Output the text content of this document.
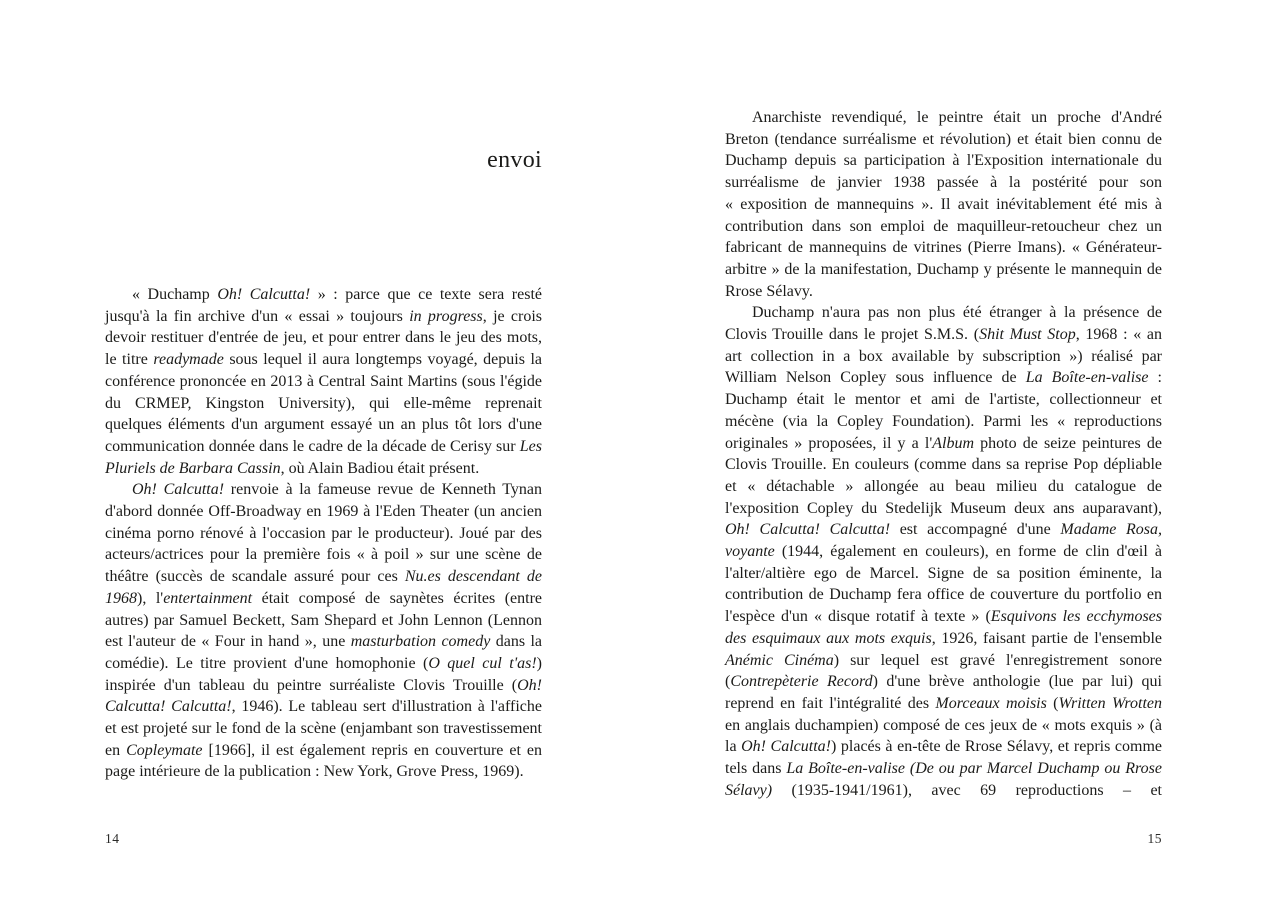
envoi

« Duchamp Oh! Calcutta! » : parce que ce texte sera resté jusqu'à la fin archive d'un « essai » toujours in progress, je crois devoir restituer d'entrée de jeu, et pour entrer dans le jeu des mots, le titre readymade sous lequel il aura longtemps voyagé, depuis la conférence prononcée en 2013 à Central Saint Martins (sous l'égide du CRMEP, Kingston University), qui elle-même reprenait quelques éléments d'un argument essayé un an plus tôt lors d'une communication donnée dans le cadre de la décade de Cerisy sur Les Pluriels de Barbara Cassin, où Alain Badiou était présent.

Oh! Calcutta! renvoie à la fameuse revue de Kenneth Tynan d'abord donnée Off-Broadway en 1969 à l'Eden Theater (un ancien cinéma porno rénové à l'occasion par le producteur). Joué par des acteurs/actrices pour la première fois « à poil » sur une scène de théâtre (succès de scandale assuré pour ces Nu.es descendant de 1968), l'entertainment était composé de saynètes écrites (entre autres) par Samuel Beckett, Sam Shepard et John Lennon (Lennon est l'auteur de « Four in hand », une masturbation comedy dans la comédie). Le titre provient d'une homophonie (O quel cul t'as!) inspirée d'un tableau du peintre surréaliste Clovis Trouille (Oh! Calcutta! Calcutta!, 1946). Le tableau sert d'illustration à l'affiche et est projeté sur le fond de la scène (enjambant son travestissement en Copleymate [1966], il est également repris en couverture et en page intérieure de la publication : New York, Grove Press, 1969).

14

Anarchiste revendiqué, le peintre était un proche d'André Breton (tendance surréalisme et révolution) et était bien connu de Duchamp depuis sa participation à l'Exposition internationale du surréalisme de janvier 1938 passée à la postérité pour son « exposition de mannequins ». Il avait inévitablement été mis à contribution dans son emploi de maquilleur-retoucheur chez un fabricant de mannequins de vitrines (Pierre Imans). « Générateur-arbitre » de la manifestation, Duchamp y présente le mannequin de Rrose Sélavy.

Duchamp n'aura pas non plus été étranger à la présence de Clovis Trouille dans le projet S.M.S. (Shit Must Stop, 1968 : « an art collection in a box available by subscription ») réalisé par William Nelson Copley sous influence de La Boîte-en-valise : Duchamp était le mentor et ami de l'artiste, collectionneur et mécène (via la Copley Foundation). Parmi les « reproductions originales » proposées, il y a l'Album photo de seize peintures de Clovis Trouille. En couleurs (comme dans sa reprise Pop dépliable et « détachable » allongée au beau milieu du catalogue de l'exposition Copley du Stedelijk Museum deux ans auparavant), Oh! Calcutta! Calcutta! est accompagné d'une Madame Rosa, voyante (1944, également en couleurs), en forme de clin d'œil à l'alter/altière ego de Marcel. Signe de sa position éminente, la contribution de Duchamp fera office de couverture du portfolio en l'espèce d'un « disque rotatif à texte » (Esquivons les ecchymoses des esquimaux aux mots exquis, 1926, faisant partie de l'ensemble Anémic Cinéma) sur lequel est gravé l'enregistrement sonore (Contrepèterie Record) d'une brève anthologie (lue par lui) qui reprend en fait l'intégralité des Morceaux moisis (Written Wrotten en anglais duchampien) composé de ces jeux de « mots exquis » (à la Oh! Calcutta!) placés à en-tête de Rrose Sélavy, et repris comme tels dans La Boîte-en-valise (De ou par Marcel Duchamp ou Rrose Sélavy) (1935-1941/1961), avec 69 reproductions – et

15
